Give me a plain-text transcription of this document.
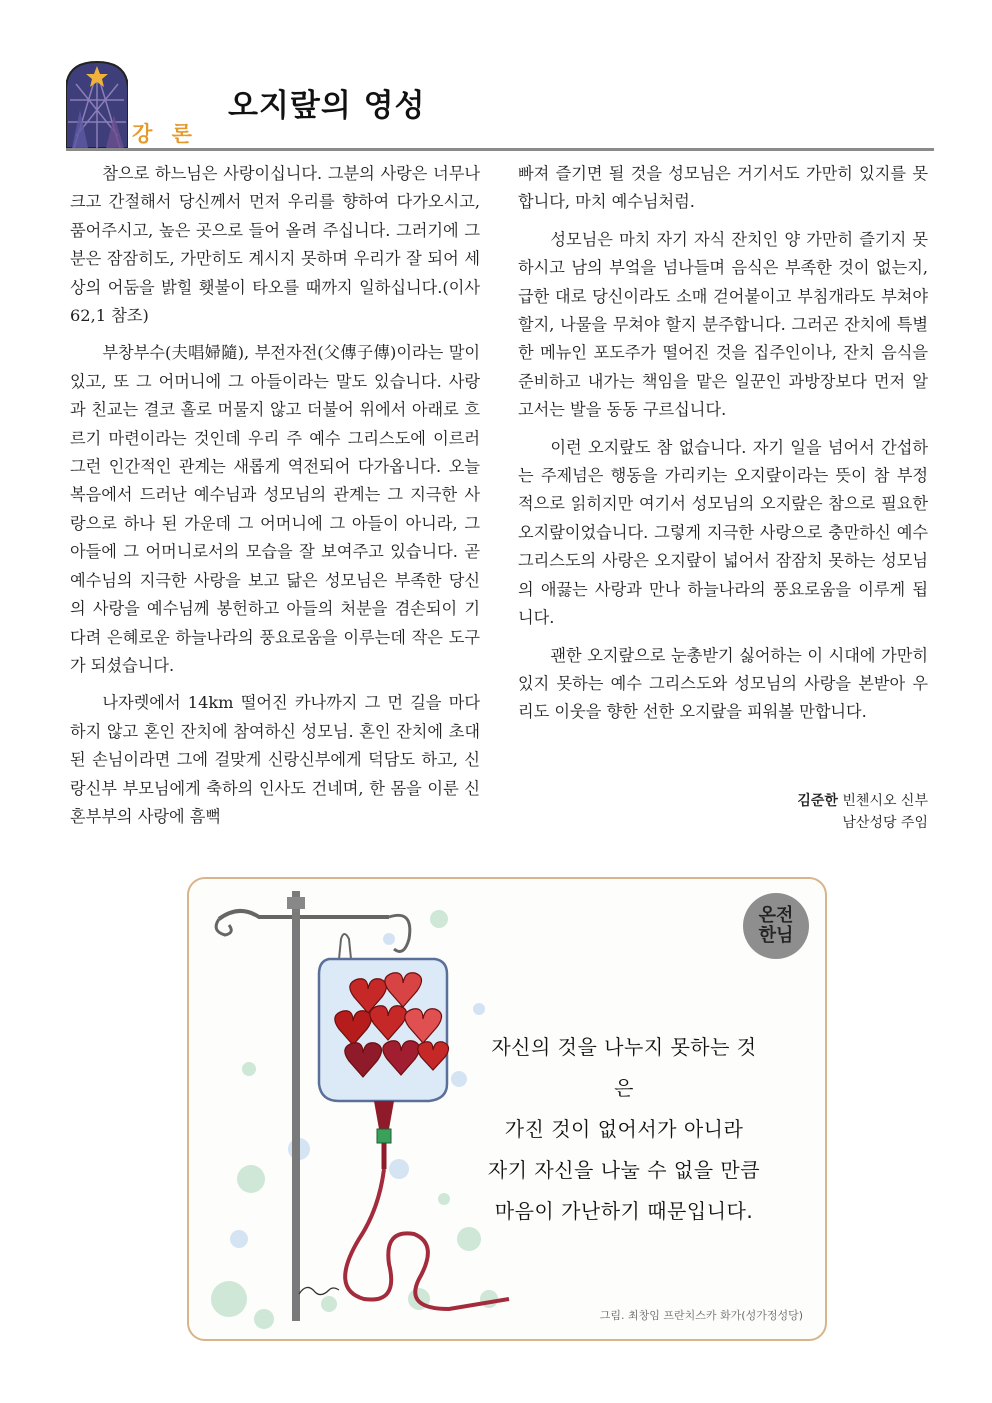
강 론
오지랖의 영성

참으로 하느님은 사랑이십니다. 그분의 사랑은 너무나 크고 간절해서 당신께서 먼저 우리를 향하여 다가오시고, 품어주시고, 높은 곳으로 들어 올려 주십니다. 그러기에 그분은 잠잠히도, 가만히도 계시지 못하며 우리가 잘 되어 세상의 어둠을 밝힐 횃불이 타오를 때까지 일하십니다.(이사 62,1 참조)

부창부수(夫唱婦隨), 부전자전(父傳子傳)이라는 말이 있고, 또 그 어머니에 그 아들이라는 말도 있습니다. 사랑과 친교는 결코 홀로 머물지 않고 더불어 위에서 아래로 흐르기 마련이라는 것인데 우리 주 예수 그리스도에 이르러 그런 인간적인 관계는 새롭게 역전되어 다가옵니다. 오늘 복음에서 드러난 예수님과 성모님의 관계는 그 지극한 사랑으로 하나 된 가운데 그 어머니에 그 아들이 아니라, 그 아들에 그 어머니로서의 모습을 잘 보여주고 있습니다. 곧 예수님의 지극한 사랑을 보고 닮은 성모님은 부족한 당신의 사랑을 예수님께 봉헌하고 아들의 처분을 겸손되이 기다려 은혜로운 하늘나라의 풍요로움을 이루는데 작은 도구가 되셨습니다.

나자렛에서 14km 떨어진 카나까지 그 먼 길을 마다하지 않고 혼인 잔치에 참여하신 성모님. 혼인 잔치에 초대된 손님이라면 그에 걸맞게 신랑신부에게 덕담도 하고, 신랑신부 부모님에게 축하의 인사도 건네며, 한 몸을 이룬 신혼부부의 사랑에 흠뻑

빠져 즐기면 될 것을 성모님은 거기서도 가만히 있지를 못합니다, 마치 예수님처럼.

성모님은 마치 자기 자식 잔치인 양 가만히 즐기지 못하시고 남의 부엌을 넘나들며 음식은 부족한 것이 없는지, 급한 대로 당신이라도 소매 걷어붙이고 부침개라도 부쳐야 할지, 나물을 무쳐야 할지 분주합니다. 그러곤 잔치에 특별한 메뉴인 포도주가 떨어진 것을 집주인이나, 잔치 음식을 준비하고 내가는 책임을 맡은 일꾼인 과방장보다 먼저 알고서는 발을 동동 구르십니다.

이런 오지랖도 참 없습니다. 자기 일을 넘어서 간섭하는 주제넘은 행동을 가리키는 오지랖이라는 뜻이 참 부정적으로 읽히지만 여기서 성모님의 오지랖은 참으로 필요한 오지랖이었습니다. 그렇게 지극한 사랑으로 충만하신 예수 그리스도의 사랑은 오지랖이 넓어서 잠잠치 못하는 성모님의 애끓는 사랑과 만나 하늘나라의 풍요로움을 이루게 됩니다.

괜한 오지랖으로 눈총받기 싫어하는 이 시대에 가만히 있지 못하는 예수 그리스도와 성모님의 사랑을 본받아 우리도 이웃을 향한 선한 오지랖을 피워볼 만합니다.

김준한 빈첸시오 신부
남산성당 주임
온전 한님
자신의 것을 나누지 못하는 것은
가진 것이 없어서가 아니라
자기 자신을 나눌 수 없을 만큼
마음이 가난하기 때문입니다.
그림. 최창임 프란치스카 화가(성가정성당)
